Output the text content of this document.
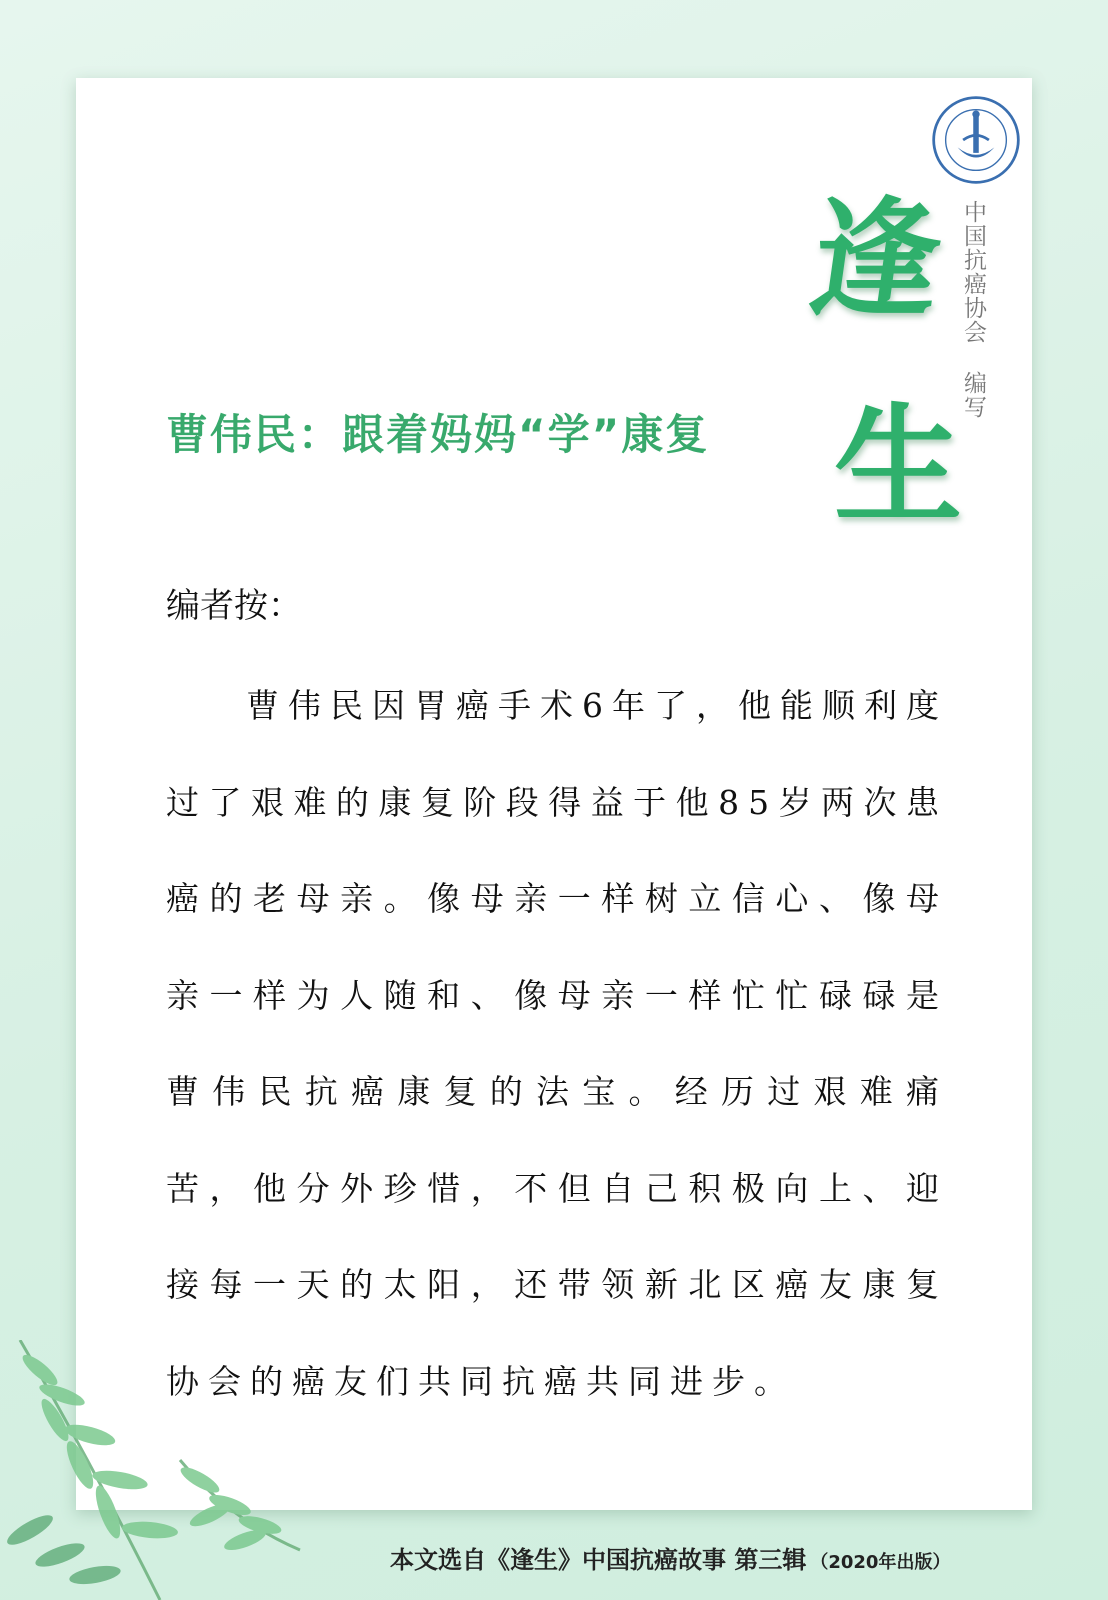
中国抗癌协会 编写
逢
生
曹伟民：跟着妈妈“学”康复
编者按：
曹伟民因胃癌手术6年了，他能顺利度过了艰难的康复阶段得益于他85岁两次患癌的老母亲。像母亲一样树立信心、像母亲一样为人随和、像母亲一样忙忙碌碌是曹伟民抗癌康复的法宝。经历过艰难痛苦，他分外珍惜，不但自己积极向上、迎接每一天的太阳，还带领新北区癌友康复协会的癌友们共同抗癌共同进步。
本文选自《逢生》中国抗癌故事 第三辑 （2020年出版）
